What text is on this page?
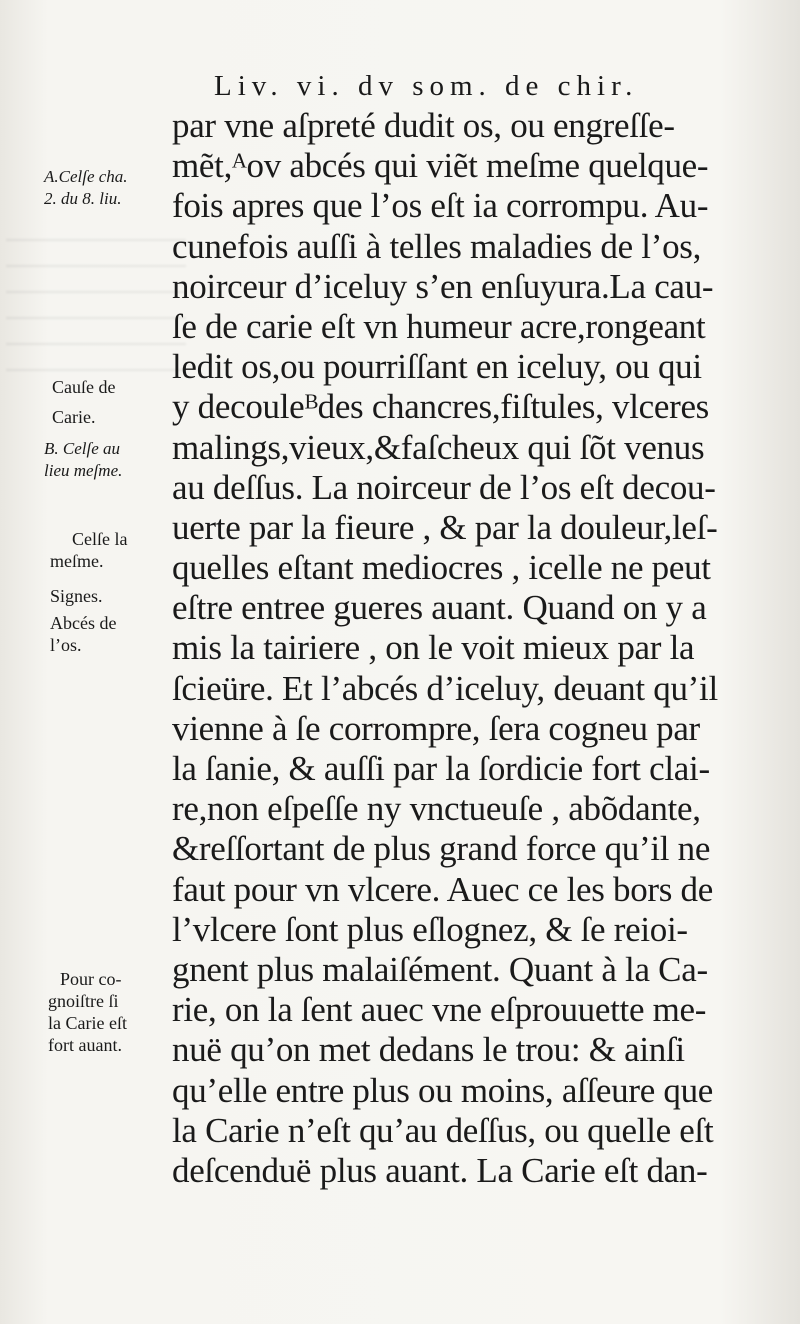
Liv. vi. dv som. de chir.
par vne aſpreté dudit os, ou engreſſe-
mẽt,ᴬov abcés qui viẽt meſme quelque-
fois apres que l’os eſt ia corrompu. Au-
cunefois auſſi à telles maladies de l’os,
noirceur d’iceluy s’en enſuyura.La cau-
ſe de carie eſt vn humeur acre,rongeant
ledit os,ou pourriſſant en iceluy, ou qui
y decouleᴮdes chancres,fiſtules, vlceres
malings,vieux,&faſcheux qui ſõt venus
au deſſus. La noirceur de l’os eſt decou-
uerte par la fieure , & par la douleur,leſ-
quelles eſtant mediocres , icelle ne peut
eſtre entree gueres auant. Quand on y a
mis la tairiere , on le voit mieux par la
ſcieüre. Et l’abcés d’iceluy, deuant qu’il
vienne à ſe corrompre, ſera cogneu par
la ſanie, & auſſi par la ſordicie fort clai-
re,non eſpeſſe ny vnctueuſe , abõdante,
&reſſortant de plus grand force qu’il ne
faut pour vn vlcere. Auec ce les bors de
l’vlcere ſont plus eſlognez, & ſe reioi-
gnent plus malaiſément. Quant à la Ca-
rie, on la ſent auec vne eſprouuette me-
nuë qu’on met dedans le trou: & ainſi
qu’elle entre plus ou moins, aſſeure que
la Carie n’eſt qu’au deſſus, ou quelle eſt
deſcenduë plus auant. La Carie eſt dan-
A.Celſe cha.
2. du 8. liu.
Cauſe de
Carie.
B. Celſe au
lieu meſme.
Celſe la
meſme.
Signes.
Abcés de
l’os.
Pour co-
gnoiſtre ſi
la Carie eſt
fort auant.
